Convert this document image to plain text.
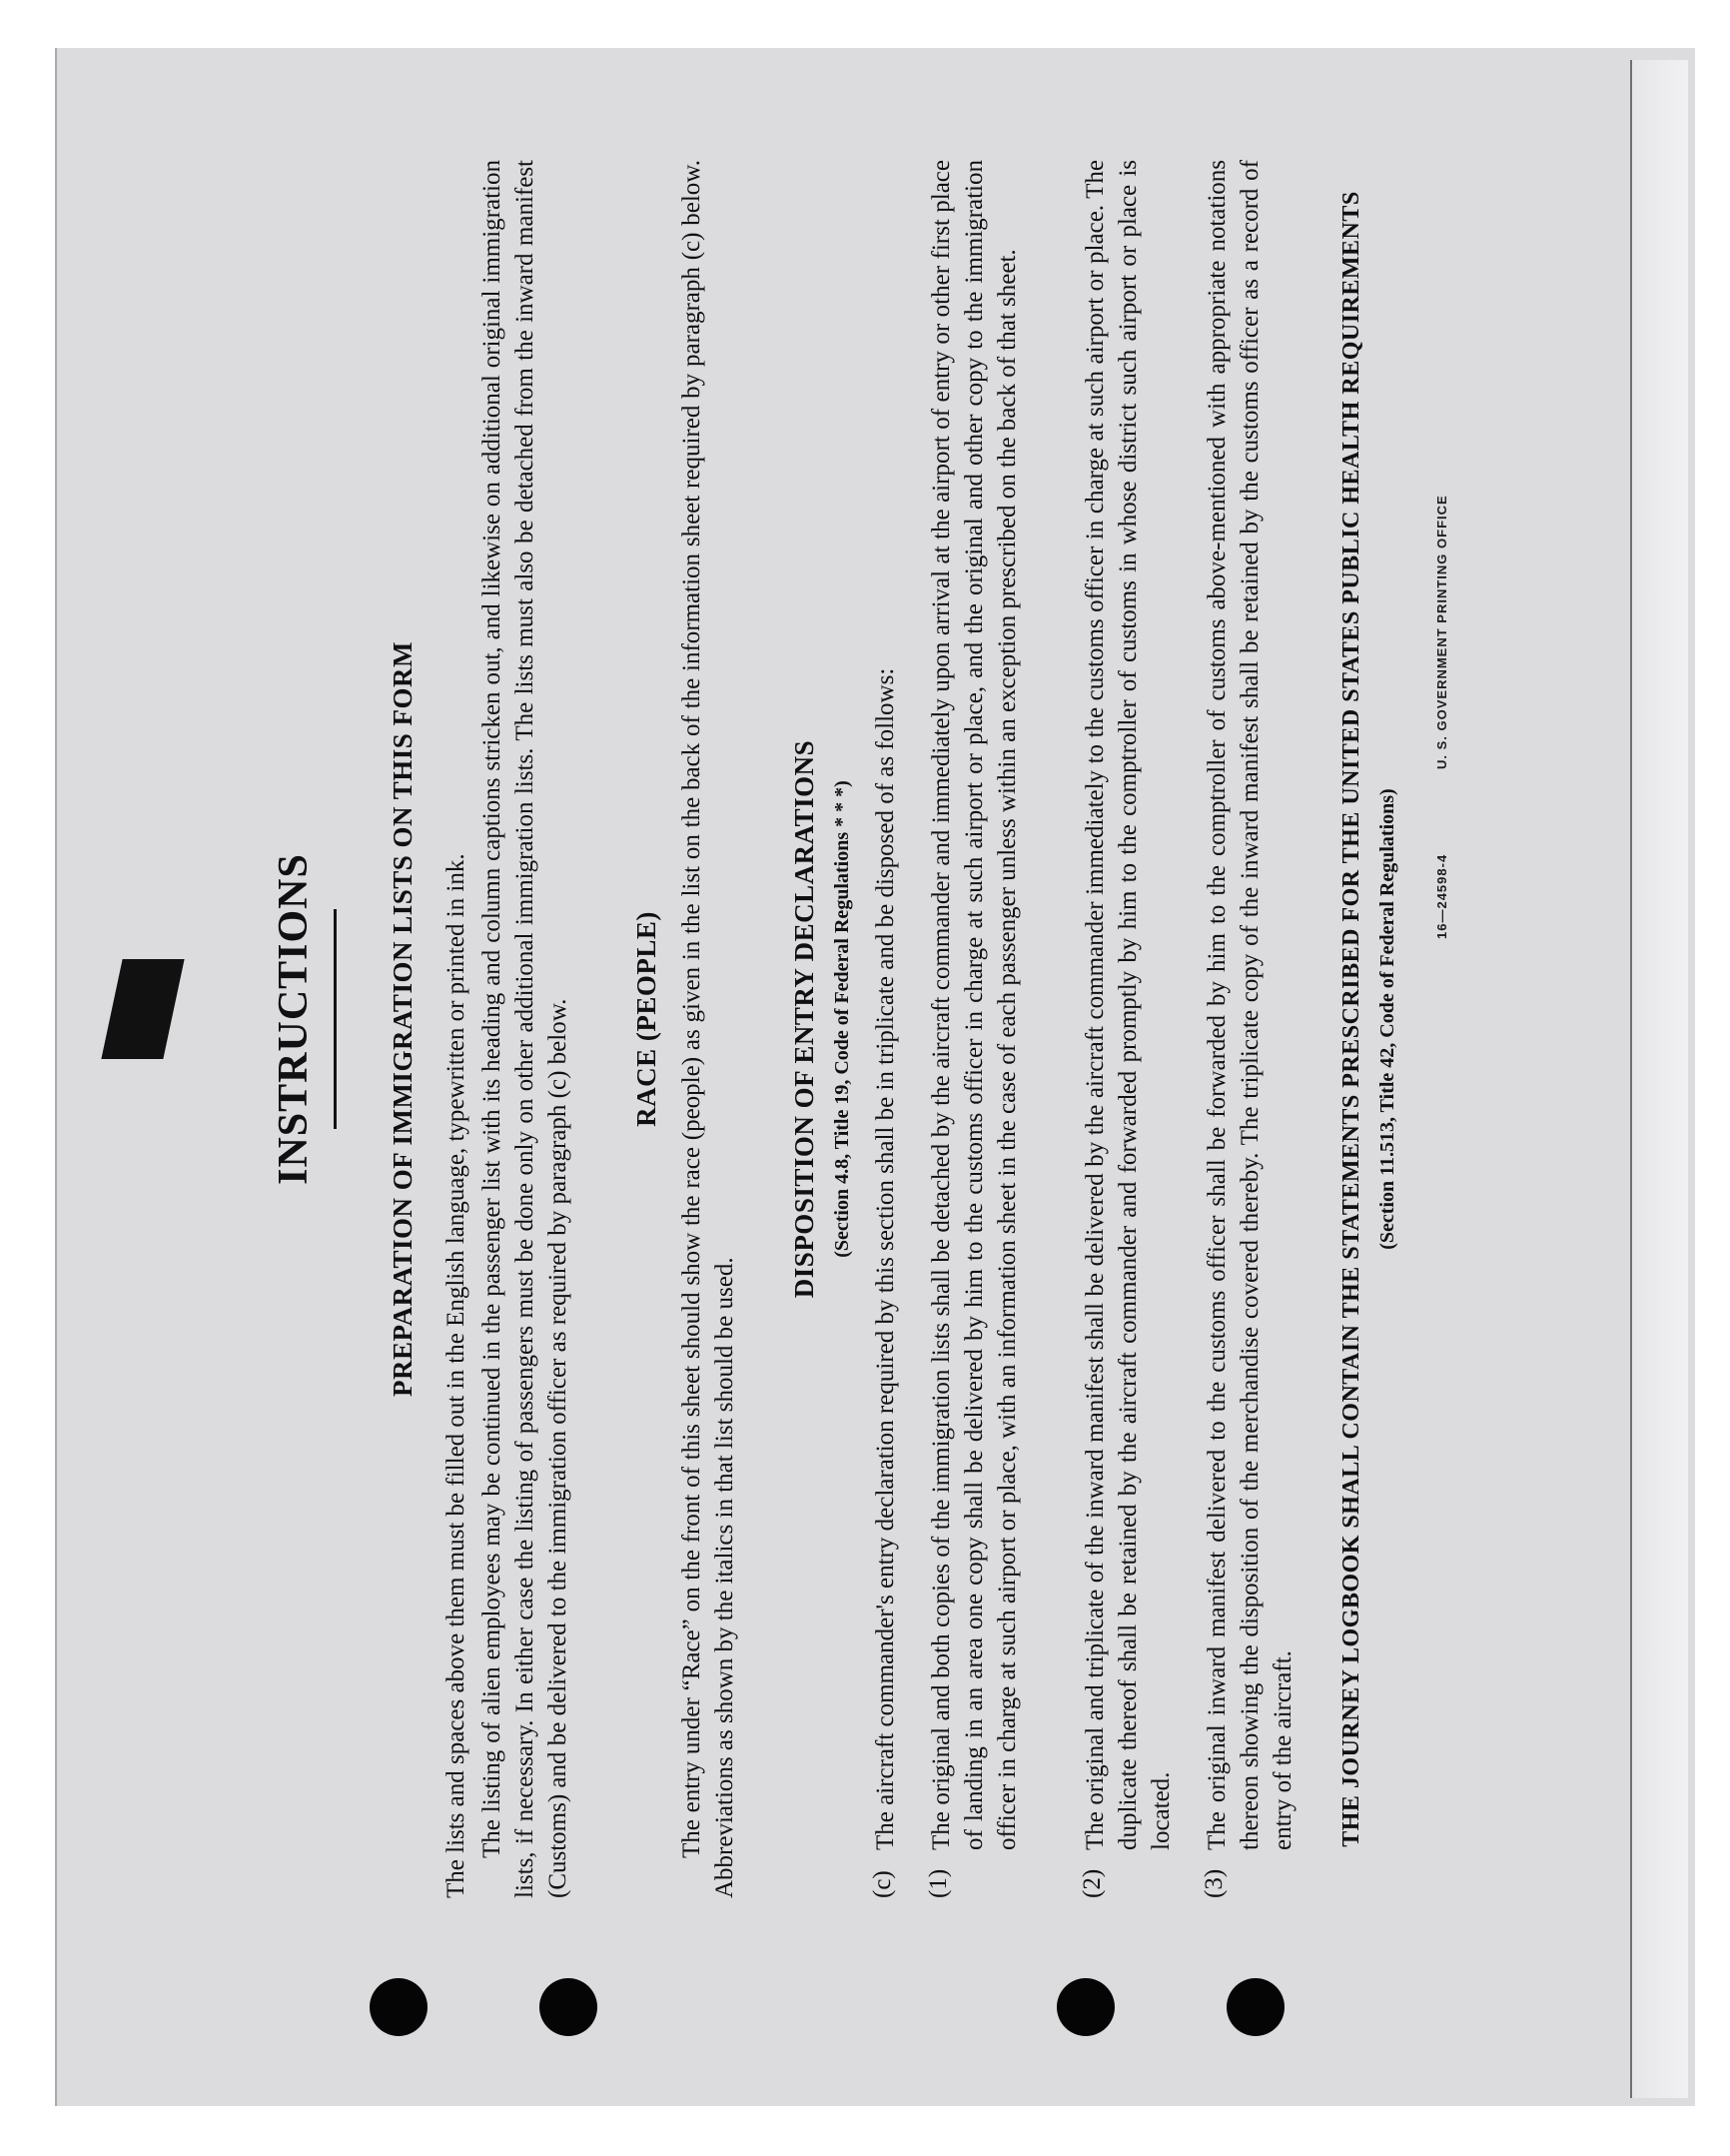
INSTRUCTIONS	PREPARATION OF IMMIGRATION LISTS ON THIS FORM The lists and spaces above them must be filled out in the English language, typewritten or printed in ink. The listing of alien employees may be continued in the passenger list with its heading and column captions stricken out, and likewise on additional original immigration lists, if necessary. In either case the listing of passengers must be done only on other additional immigration lists. The lists must also be detached from the inward manifest (Customs) and be delivered to the immigration officer as required by paragraph (c) below. RACE (PEOPLE) The entry under “Race” on the front of this sheet should show the race (people) as given in the list on the back of the information sheet required by paragraph (c) below. Abbreviations as shown by the italics in that list should be used.
DISPOSITION OF ENTRY DECLARATIONS (Section 4.8, Title 19, Code of Federal Regulations * * *)
(c)
The aircraft commander's entry declaration required by this section shall be in triplicate and be disposed of as follows:
(1)
The original and both copies of the immigration lists shall be detached by the aircraft commander and immediately upon arrival at the airport of entry or other first place of landing in an area one copy shall be delivered by him to the customs officer in charge at such airport or place, and the original and other copy to the immigration officer in charge at such airport or place, with an information sheet in the case of each passenger unless within an exception prescribed on the back of that sheet.
(2)
The original and triplicate of the inward manifest shall be delivered by the aircraft commander immediately to the customs officer in charge at such airport or place. The duplicate thereof shall be retained by the aircraft commander and forwarded promptly by him to the comptroller of customs in whose district such airport or place is located.
(3)
The original inward manifest delivered to the customs officer shall be forwarded by him to the comptroller of customs above-mentioned with appropriate notations thereon showing the disposition of the merchandise covered thereby. The triplicate copy of the inward manifest shall be retained by the customs officer as a record of entry of the aircraft. THE JOURNEY LOGBOOK SHALL CONTAIN THE STATEMENTS PRESCRIBED FOR THE UNITED STATES PUBLIC HEALTH REQUIREMENTS (Section 11.513, Title 42, Code of Federal Regulations)	16—24598-4
U. S. GOVERNMENT PRINTING OFFICE
